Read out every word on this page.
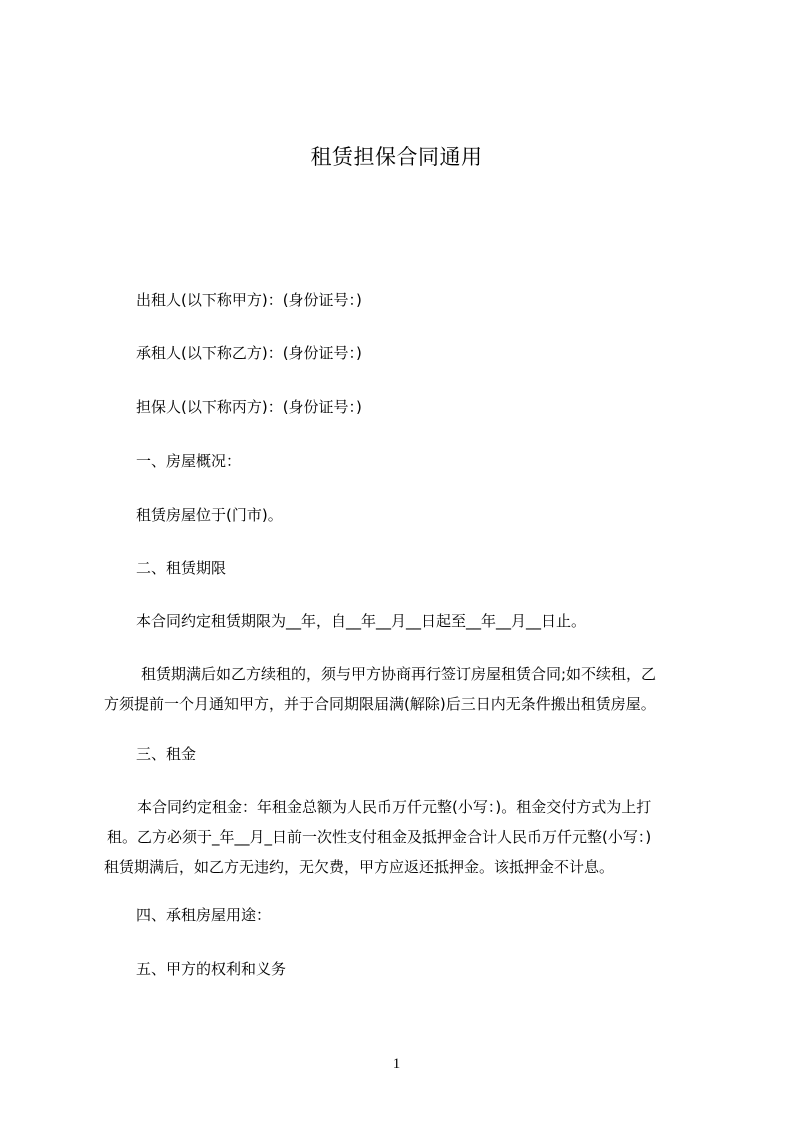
租赁担保合同通用
出租人(以下称甲方)：(身份证号：)
承租人(以下称乙方)：(身份证号：)
担保人(以下称丙方)：(身份证号：)
一、房屋概况：
租赁房屋位于(门市)。
二、租赁期限
本合同约定租赁期限为__年，自__年__月__日起至__年__月__日止。

租赁期满后如乙方续租的，须与甲方协商再行签订房屋租赁合同;如不续租，乙

方须提前一个月通知甲方，并于合同期限届满(解除)后三日内无条件搬出租赁房屋。

三、租金

本合同约定租金：年租金总额为人民币万仟元整(小写：)。租金交付方式为上打

租。乙方必须于_年__月_日前一次性支付租金及抵押金合计人民币万仟元整(小写：)

租赁期满后，如乙方无违约，无欠费，甲方应返还抵押金。该抵押金不计息。

四、承租房屋用途：
五、甲方的权利和义务
1
